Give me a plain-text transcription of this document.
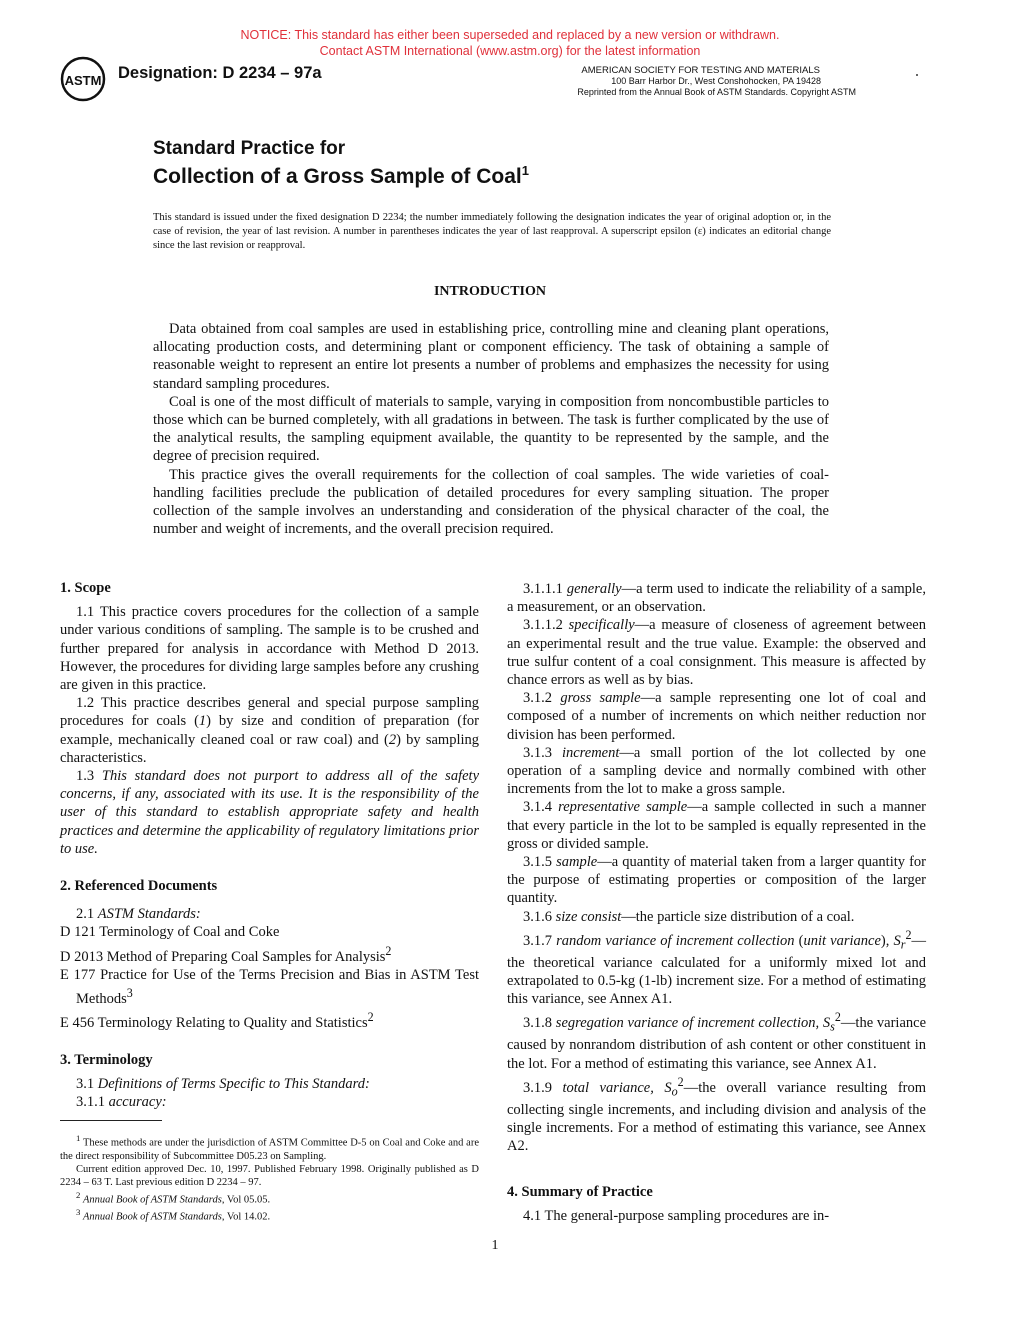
NOTICE: This standard has either been superseded and replaced by a new version or withdrawn.
Contact ASTM International (www.astm.org) for the latest information
ASTM Designation: D 2234 – 97a	AMERICAN SOCIETY FOR TESTING AND MATERIALS
100 Barr Harbor Dr., West Conshohocken, PA 19428
Reprinted from the Annual Book of ASTM Standards. Copyright ASTM
Standard Practice for
Collection of a Gross Sample of Coal$^1$
This standard is issued under the fixed designation D 2234; the number immediately following the designation indicates the year of original adoption or, in the case of revision, the year of last revision. A number in parentheses indicates the year of last reapproval. A superscript epsilon (ε) indicates an editorial change since the last revision or reapproval.
INTRODUCTION

Data obtained from coal samples are used in establishing price, controlling mine and cleaning plant operations, allocating production costs, and determining plant or component efficiency. The task of obtaining a sample of reasonable weight to represent an entire lot presents a number of problems and emphasizes the necessity for using standard sampling procedures.

Coal is one of the most difficult of materials to sample, varying in composition from noncombustible particles to those which can be burned completely, with all gradations in between. The task is further complicated by the use of the analytical results, the sampling equipment available, the quantity to be represented by the sample, and the degree of precision required.

This practice gives the overall requirements for the collection of coal samples. The wide varieties of coal-handling facilities preclude the publication of detailed procedures for every sampling situation. The proper collection of the sample involves an understanding and consideration of the physical character of the coal, the number and weight of increments, and the overall precision required.

1. Scope

1.1 This practice covers procedures for the collection of a sample under various conditions of sampling. The sample is to be crushed and further prepared for analysis in accordance with Method D 2013. However, the procedures for dividing large samples before any crushing are given in this practice.

1.2 This practice describes general and special purpose sampling procedures for coals (1) by size and condition of preparation (for example, mechanically cleaned coal or raw coal) and (2) by sampling characteristics.

1.3 This standard does not purport to address all of the safety concerns, if any, associated with its use. It is the responsibility of the user of this standard to establish appropriate safety and health practices and determine the applicability of regulatory limitations prior to use.

2. Referenced Documents

2.1 ASTM Standards:

D 121 Terminology of Coal and Coke

D 2013 Method of Preparing Coal Samples for Analysis$^2$

E 177 Practice for Use of the Terms Precision and Bias in ASTM Test Methods$^3$

E 456 Terminology Relating to Quality and Statistics$^2$

3. Terminology

3.1 Definitions of Terms Specific to This Standard:

3.1.1 accuracy:

3.1.1.1 generally—a term used to indicate the reliability of a sample, a measurement, or an observation.

3.1.1.2 specifically—a measure of closeness of agreement between an experimental result and the true value. Example: the observed and true sulfur content of a coal consignment. This measure is affected by chance errors as well as by bias.

3.1.2 gross sample—a sample representing one lot of coal and composed of a number of increments on which neither reduction nor division has been performed.

3.1.3 increment—a small portion of the lot collected by one operation of a sampling device and normally combined with other increments from the lot to make a gross sample.

3.1.4 representative sample—a sample collected in such a manner that every particle in the lot to be sampled is equally represented in the gross or divided sample.

3.1.5 sample—a quantity of material taken from a larger quantity for the purpose of estimating properties or composition of the larger quantity.

3.1.6 size consist—the particle size distribution of a coal.

3.1.7 random variance of increment collection (unit variance), $S_r^2—the$ theoretical variance calculated for a uniformly mixed lot and extrapolated to 0.5-kg (1-lb) increment size. For a method of estimating this variance, see Annex A1.

3.1.8 segregation variance of increment collection, $S_s^2—the$ variance caused by nonrandom distribution of ash content or other constituent in the lot. For a method of estimating this variance, see Annex A1.

3.1.9 total variance, $S_o^2—the$ overall variance resulting from collecting single increments, and including division and analysis of the single increments. For a method of estimating this variance, see Annex A2.

4. Summary of Practice

4.1 The general-purpose sampling procedures are in-

$^1$ These methods are under the jurisdiction of ASTM Committee D-5 on Coal and Coke and are the direct responsibility of Subcommittee D05.23 on Sampling.

Current edition approved Dec. 10, 1997. Published February 1998. Originally published as D 2234 – 63 T. Last previous edition D 2234 – 97.

$^2$ Annual Book of ASTM Standards, Vol 05.05.

$^3$ Annual Book of ASTM Standards, Vol 14.02.

1
